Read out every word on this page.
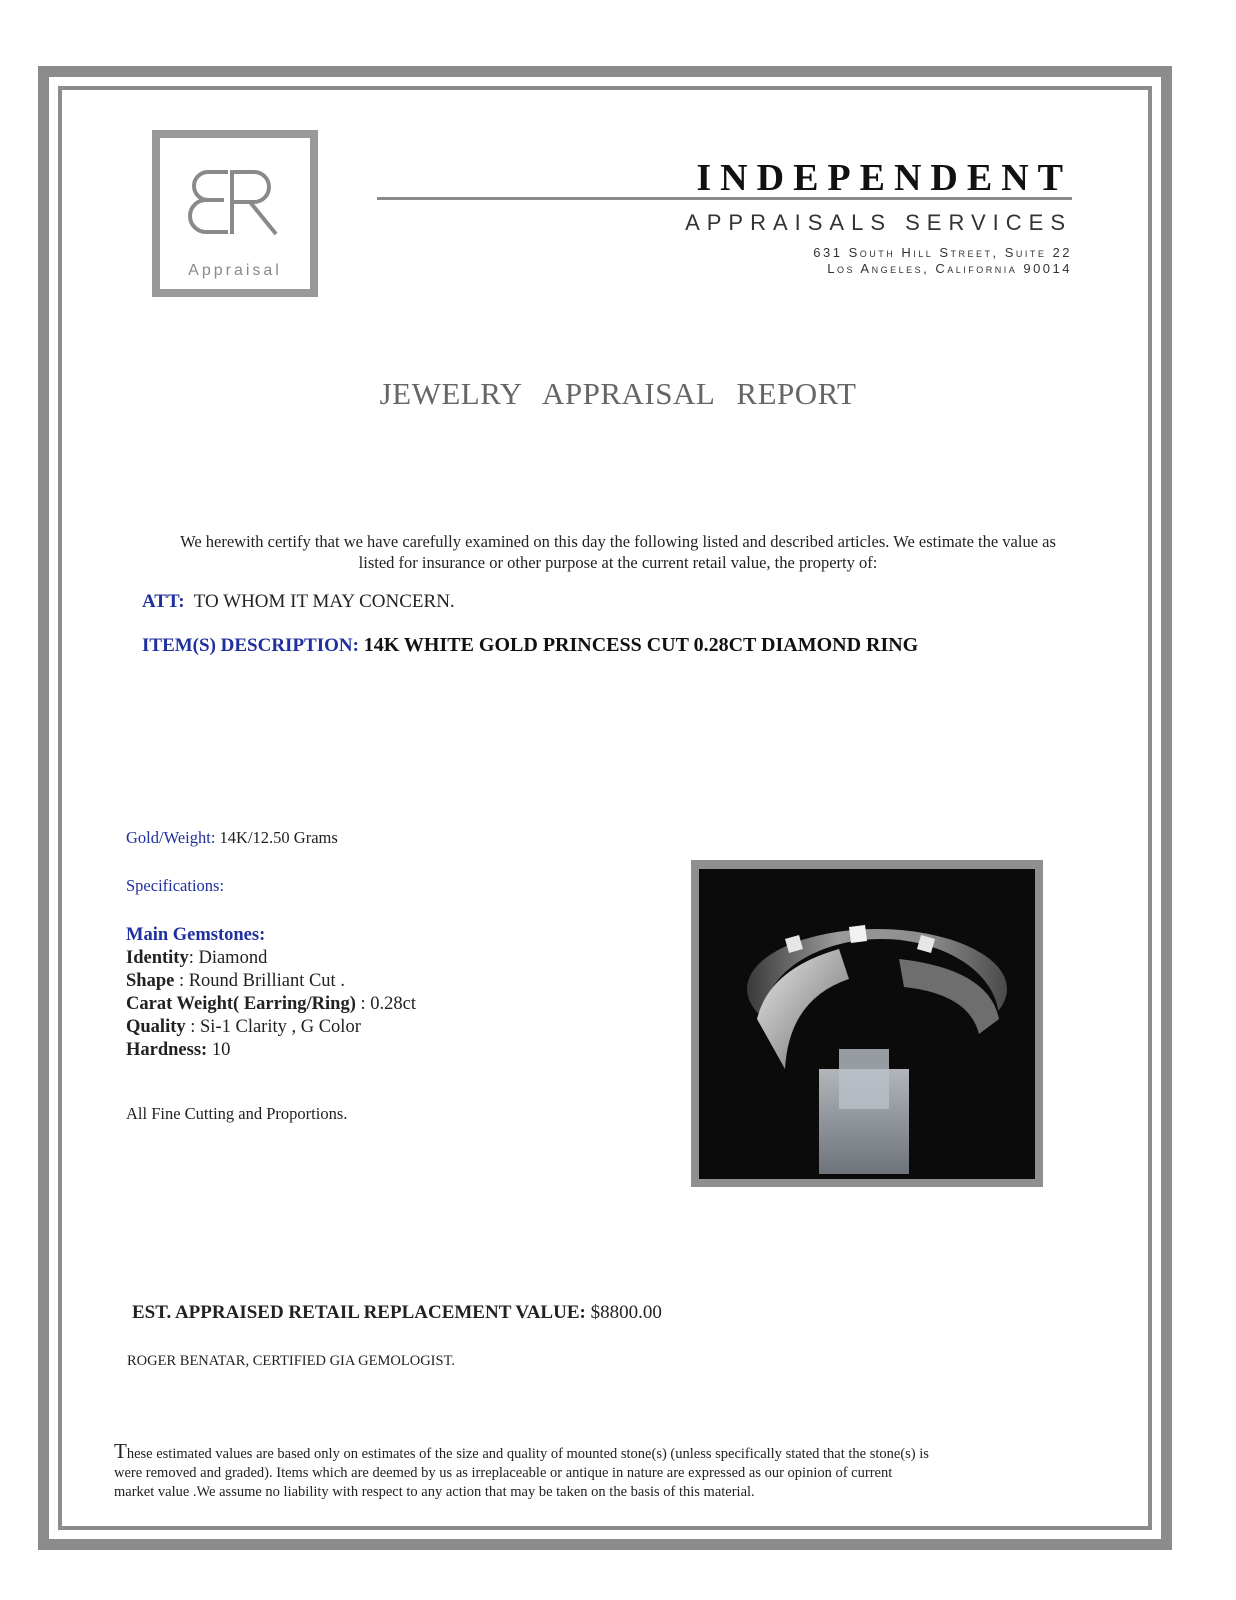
Appraisal
INDEPENDENT
APPRAISALS SERVICES
631 South Hill Street, Suite 22
Los Angeles, California 90014
JEWELRY APPRAISAL REPORT
We herewith certify that we have carefully examined on this day the following listed and described articles. We estimate the value as
listed for insurance or other purpose at the current retail value, the property of:
ATT: TO WHOM IT MAY CONCERN.
ITEM(S) DESCRIPTION: 14K WHITE GOLD PRINCESS CUT 0.28CT DIAMOND RING
Gold/Weight: 14K/12.50 Grams
Specifications:
Main Gemstones:
Identity: Diamond
Shape : Round Brilliant Cut .
Carat Weight( Earring/Ring) : 0.28ct
Quality : Si-1 Clarity , G Color
Hardness: 10
All Fine Cutting and Proportions.
EST. APPRAISED RETAIL REPLACEMENT VALUE: $8800.00
ROGER BENATAR, CERTIFIED GIA GEMOLOGIST.
These estimated values are based only on estimates of the size and quality of mounted stone(s) (unless specifically stated that the stone(s) is
were removed and graded). Items which are deemed by us as irreplaceable or antique in nature are expressed as our opinion of current
market value .We assume no liability with respect to any action that may be taken on the basis of this material.
